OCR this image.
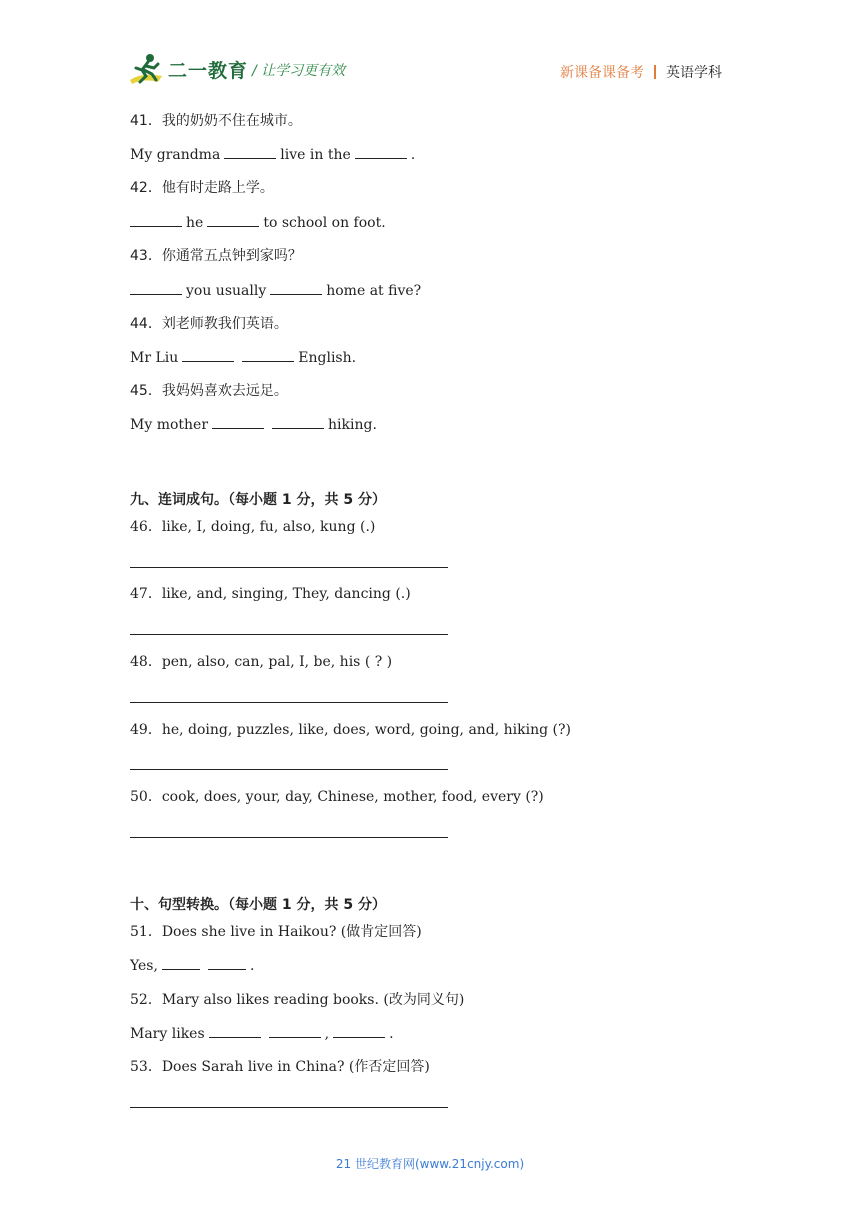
二一教育 / 让学习更有效	新课备课备考 英语学科
41．我的奶奶不住在城市。
My grandma	live in the	.
42．他有时走路上学。
he	to school on foot.
43．你通常五点钟到家吗？
you usually	home at five?
44．刘老师教我们英语。
Mr Liu	English.
45．我妈妈喜欢去远足。
My mother	hiking.
九、连词成句。（每小题 1 分，共 5 分）
46．like, I, doing, fu, also, kung (.)
47．like, and, singing, They, dancing (.)
48．pen, also, can, pal, I, be, his ( ? )
49．he, doing, puzzles, like, does, word, going, and, hiking (?)
50．cook, does, your, day, Chinese, mother, food, every (?)
十、句型转换。（每小题 1 分，共 5 分）
51．Does she live in Haikou? (做肯定回答)
Yes,	.
52．Mary also likes reading books. (改为同义句)
Mary likes	,	.
53．Does Sarah live in China? (作否定回答)
21 世纪教育网(www.21cnjy.com)
